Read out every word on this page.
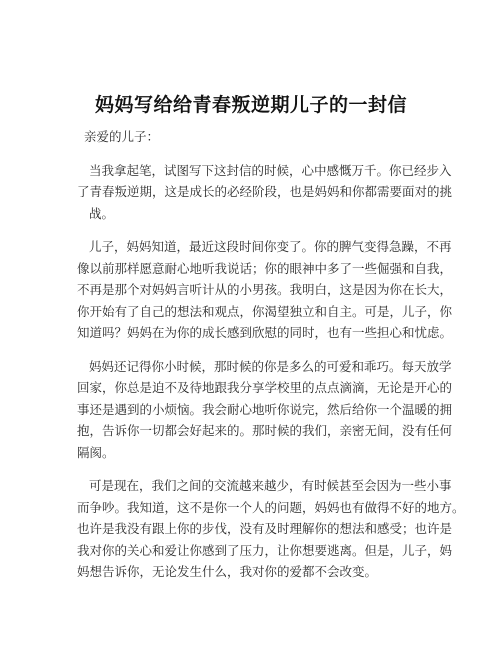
妈妈写给给青春叛逆期儿子的一封信

亲爱的儿子：

当我拿起笔，试图写下这封信的时候，心中感慨万千。你已经步入
了青春叛逆期，这是成长的必经阶段，也是妈妈和你都需要面对的挑
战。

儿子，妈妈知道，最近这段时间你变了。你的脾气变得急躁，不再
像以前那样愿意耐心地听我说话；你的眼神中多了一些倔强和自我，
不再是那个对妈妈言听计从的小男孩。我明白，这是因为你在长大，
你开始有了自己的想法和观点，你渴望独立和自主。可是，儿子，你
知道吗？妈妈在为你的成长感到欣慰的同时，也有一些担心和忧虑。

妈妈还记得你小时候，那时候的你是多么的可爱和乖巧。每天放学
回家，你总是迫不及待地跟我分享学校里的点点滴滴，无论是开心的
事还是遇到的小烦恼。我会耐心地听你说完，然后给你一个温暖的拥
抱，告诉你一切都会好起来的。那时候的我们，亲密无间，没有任何
隔阂。

可是现在，我们之间的交流越来越少，有时候甚至会因为一些小事
而争吵。我知道，这不是你一个人的问题，妈妈也有做得不好的地方。
也许是我没有跟上你的步伐，没有及时理解你的想法和感受；也许是
我对你的关心和爱让你感到了压力，让你想要逃离。但是，儿子，妈
妈想告诉你，无论发生什么，我对你的爱都不会改变。
